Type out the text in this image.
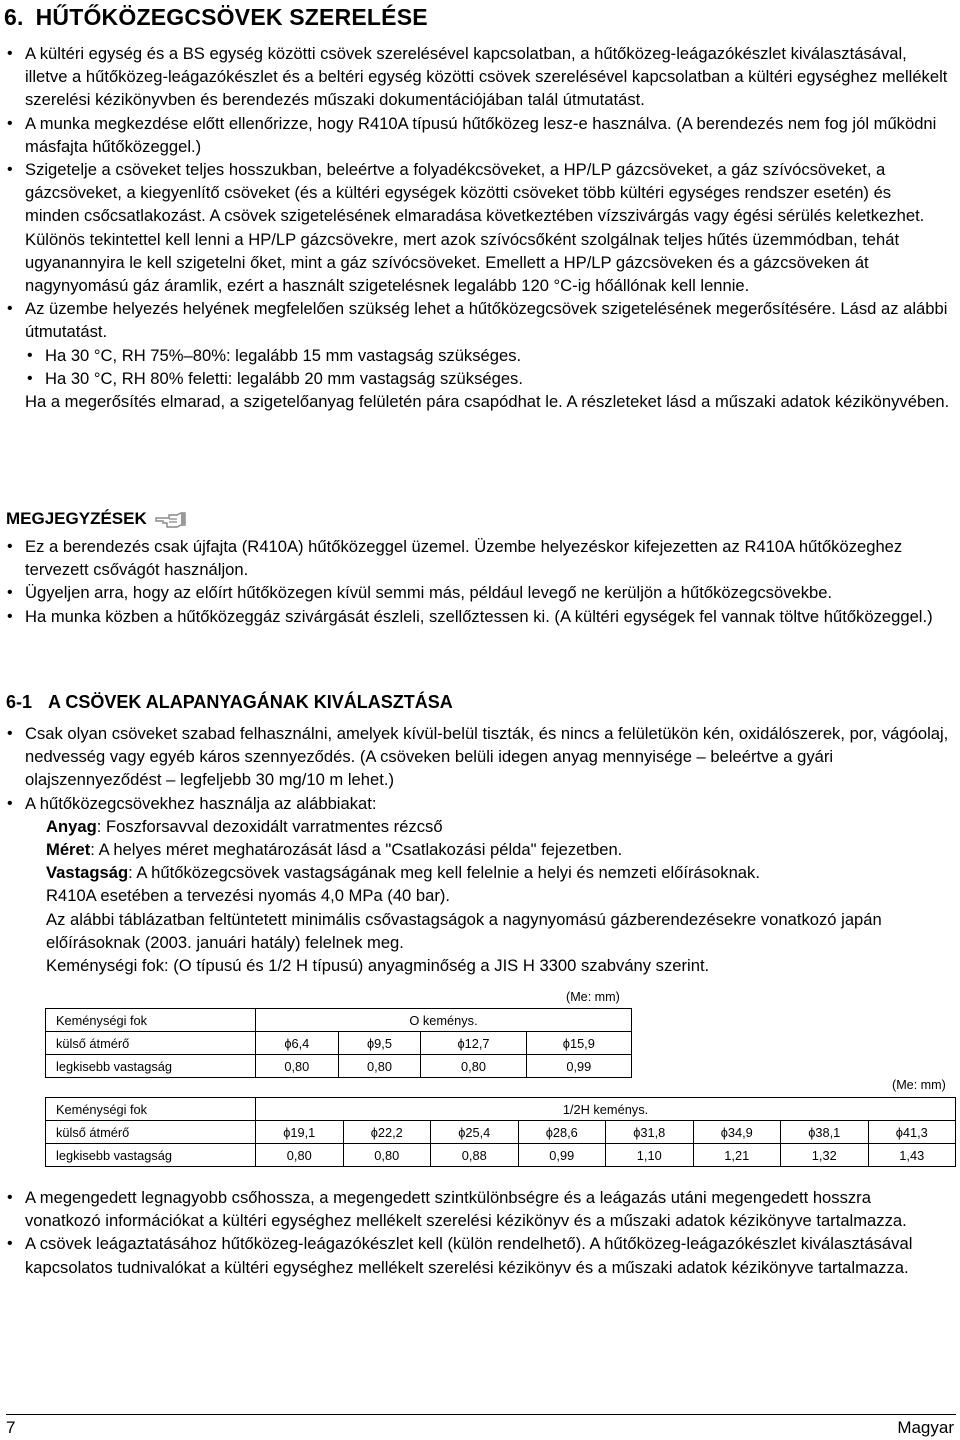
6. HŰTŐKÖZEGCSÖVEK SZERELÉSE

• A kültéri egység és a BS egység közötti csövek szerelésével kapcsolatban, a hűtőközeg-leágazókészlet kiválasztásával, illetve a hűtőközeg-leágazókészlet és a beltéri egység közötti csövek szerelésével kapcsolatban a kültéri egységhez mellékelt szerelési kézikönyvben és berendezés műszaki dokumentációjában talál útmutatást.

• A munka megkezdése előtt ellenőrizze, hogy R410A típusú hűtőközeg lesz-e használva. (A berendezés nem fog jól működni másfajta hűtőközeggel.)

• Szigetelje a csöveket teljes hosszukban, beleértve a folyadékcsöveket, a HP/LP gázcsöveket, a gáz szívócsöveket, a gázcsöveket, a kiegyenlítő csöveket (és a kültéri egységek közötti csöveket több kültéri egységes rendszer esetén) és minden csőcsatlakozást. A csövek szigetelésének elmaradása következtében vízszivárgás vagy égési sérülés keletkezhet. Különös tekintettel kell lenni a HP/LP gázcsövekre, mert azok szívócsőként szolgálnak teljes hűtés üzemmódban, tehát ugyanannyira le kell szigetelni őket, mint a gáz szívócsöveket. Emellett a HP/LP gázcsöveken és a gázcsöveken át nagynyomású gáz áramlik, ezért a használt szigetelésnek legalább 120 °C-ig hőállónak kell lennie.

• Az üzembe helyezés helyének megfelelően szükség lehet a hűtőközegcsövek szigetelésének megerősítésére. Lásd az alábbi útmutatást.

• Ha 30 °C, RH 75%–80%: legalább 15 mm vastagság szükséges.

• Ha 30 °C, RH 80% feletti: legalább 20 mm vastagság szükséges.

Ha a megerősítés elmarad, a szigetelőanyag felületén pára csapódhat le. A részleteket lásd a műszaki adatok kézikönyvében.

MEGJEGYZÉSEK

• Ez a berendezés csak újfajta (R410A) hűtőközeggel üzemel. Üzembe helyezéskor kifejezetten az R410A hűtőközeghez tervezett csővágót használjon.

• Ügyeljen arra, hogy az előírt hűtőközegen kívül semmi más, például levegő ne kerüljön a hűtőközegcsövekbe.

• Ha munka közben a hűtőközeggáz szivárgását észleli, szellőztessen ki. (A kültéri egységek fel vannak töltve hűtőközeggel.)

6-1 A CSÖVEK ALAPANYAGÁNAK KIVÁLASZTÁSA

• Csak olyan csöveket szabad felhasználni, amelyek kívül-belül tiszták, és nincs a felületükön kén, oxidálószerek, por, vágóolaj, nedvesség vagy egyéb káros szennyeződés. (A csöveken belüli idegen anyag mennyisége – beleértve a gyári olajszennyeződést – legfeljebb 30 mg/10 m lehet.)

• A hűtőközegcsövekhez használja az alábbiakat:

Anyag: Foszforsavval dezoxidált varratmentes rézcső

Méret: A helyes méret meghatározását lásd a "Csatlakozási példa" fejezetben.

Vastagság: A hűtőközegcsövek vastagságának meg kell felelnie a helyi és nemzeti előírásoknak.

R410A esetében a tervezési nyomás 4,0 MPa (40 bar).

Az alábbi táblázatban feltüntetett minimális csővastagságok a nagynyomású gázberendezésekre vonatkozó japán előírásoknak (2003. januári hatály) felelnek meg.

Keménységi fok: (O típusú és 1/2 H típusú) anyagminőség a JIS H 3300 szabvány szerint.

(Me: mm)
Keménységi fok	O keménys.			
külső átmérő	ϕ6,4	ϕ9,5	ϕ12,7	ϕ15,9
legkisebb vastagság	0,80	0,80	0,80	0,99
(Me: mm)
Keménységi fok	1/2H keménys.							
külső átmérő	ϕ19,1	ϕ22,2	ϕ25,4	ϕ28,6	ϕ31,8	ϕ34,9	ϕ38,1	ϕ41,3
legkisebb vastagság	0,80	0,80	0,88	0,99	1,10	1,21	1,32	1,43

• A megengedett legnagyobb csőhossza, a megengedett szintkülönbségre és a leágazás utáni megengedett hosszra vonatkozó információkat a kültéri egységhez mellékelt szerelési kézikönyv és a műszaki adatok kézikönyve tartalmazza.

• A csövek leágaztatásához hűtőközeg-leágazókészlet kell (külön rendelhető). A hűtőközeg-leágazókészlet kiválasztásával kapcsolatos tudnivalókat a kültéri egységhez mellékelt szerelési kézikönyv és a műszaki adatok kézikönyve tartalmazza.

7	Magyar
